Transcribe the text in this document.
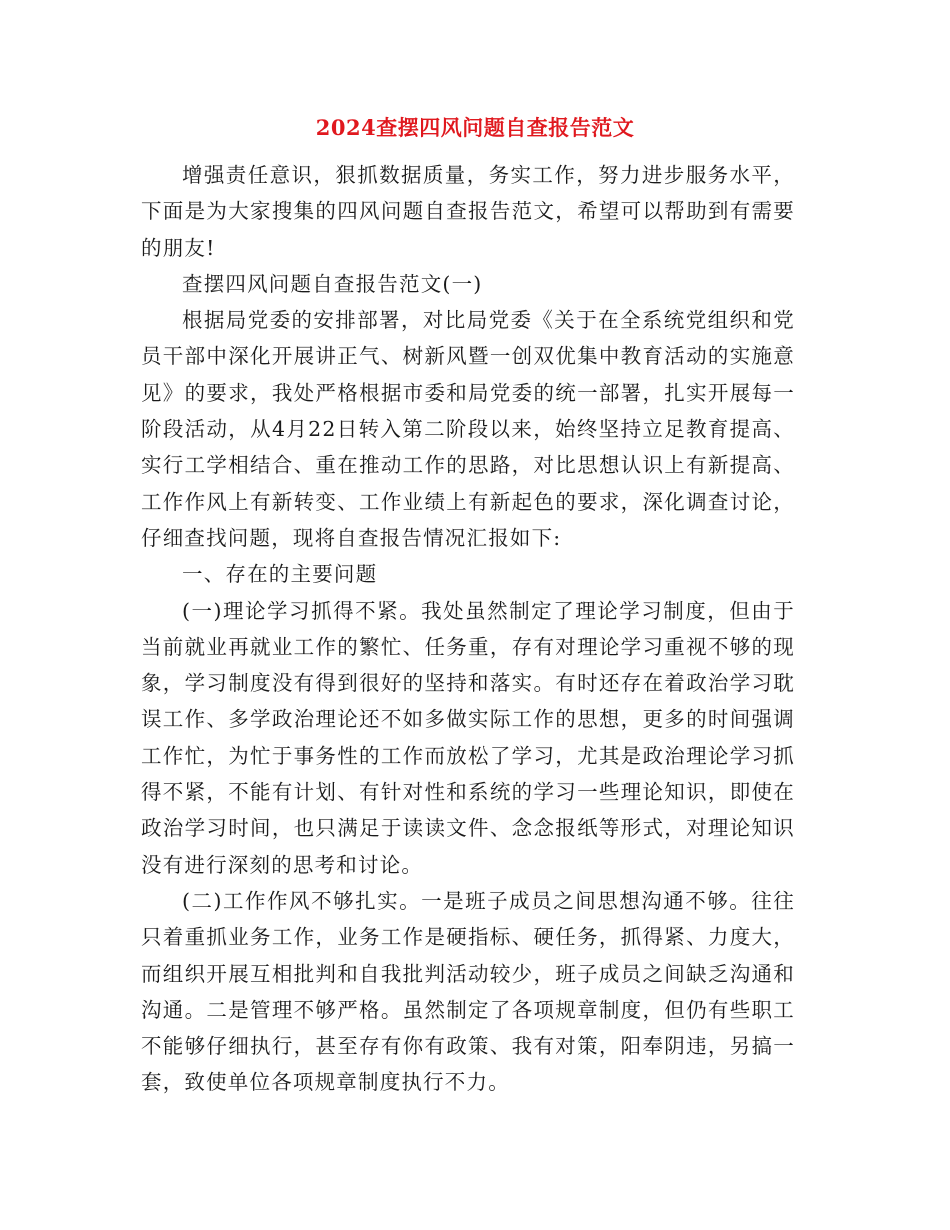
2024查摆四风问题自查报告范文

增强责任意识，狠抓数据质量，务实工作，努力进步服务水平，下面是为大家搜集的四风问题自查报告范文，希望可以帮助到有需要的朋友!

查摆四风问题自查报告范文(一)

根据局党委的安排部署，对比局党委《关于在全系统党组织和党员干部中深化开展讲正气、树新风暨一创双优集中教育活动的实施意见》的要求，我处严格根据市委和局党委的统一部署，扎实开展每一阶段活动，从4月22日转入第二阶段以来，始终坚持立足教育提高、实行工学相结合、重在推动工作的思路，对比思想认识上有新提高、工作作风上有新转变、工作业绩上有新起色的要求，深化调查讨论，仔细查找问题，现将自查报告情况汇报如下:

一、存在的主要问题

(一)理论学习抓得不紧。我处虽然制定了理论学习制度，但由于当前就业再就业工作的繁忙、任务重，存有对理论学习重视不够的现象，学习制度没有得到很好的坚持和落实。有时还存在着政治学习耽误工作、多学政治理论还不如多做实际工作的思想，更多的时间强调工作忙，为忙于事务性的工作而放松了学习，尤其是政治理论学习抓得不紧，不能有计划、有针对性和系统的学习一些理论知识，即使在政治学习时间，也只满足于读读文件、念念报纸等形式，对理论知识没有进行深刻的思考和讨论。

(二)工作作风不够扎实。一是班子成员之间思想沟通不够。往往只着重抓业务工作，业务工作是硬指标、硬任务，抓得紧、力度大，而组织开展互相批判和自我批判活动较少，班子成员之间缺乏沟通和沟通。二是管理不够严格。虽然制定了各项规章制度，但仍有些职工不能够仔细执行，甚至存有你有政策、我有对策，阳奉阴违，另搞一套，致使单位各项规章制度执行不力。
